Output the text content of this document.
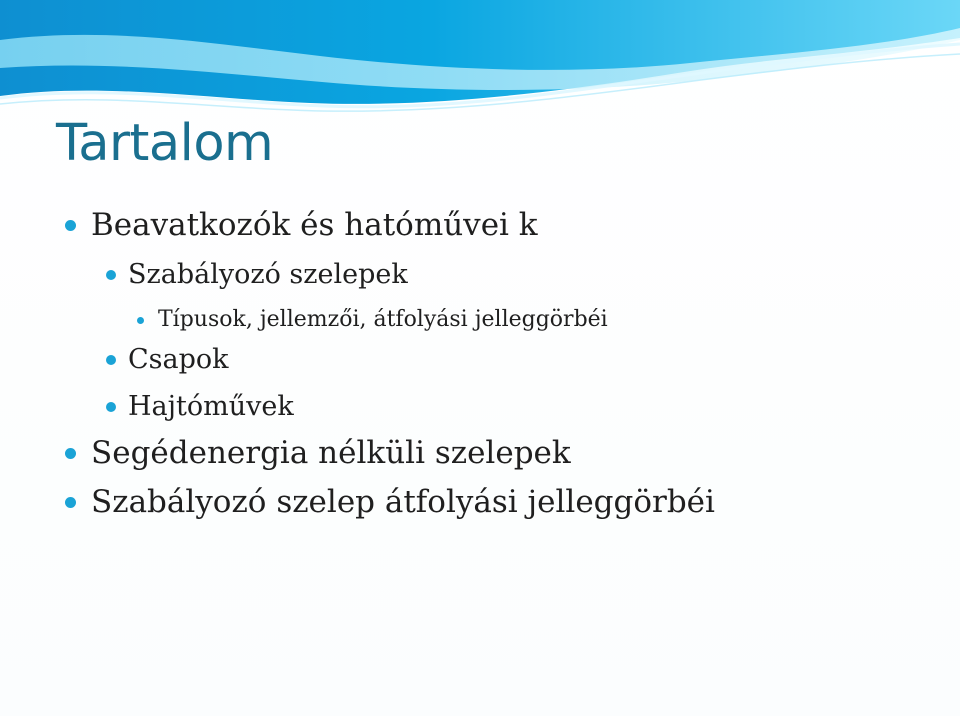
Tartalom
Beavatkozók és hatóművei k
Szabályozó szelepek
Típusok, jellemzői, átfolyási jelleggörbéi
Csapok
Hajtóművek
Segédenergia nélküli szelepek
Szabályozó szelep átfolyási jelleggörbéi
